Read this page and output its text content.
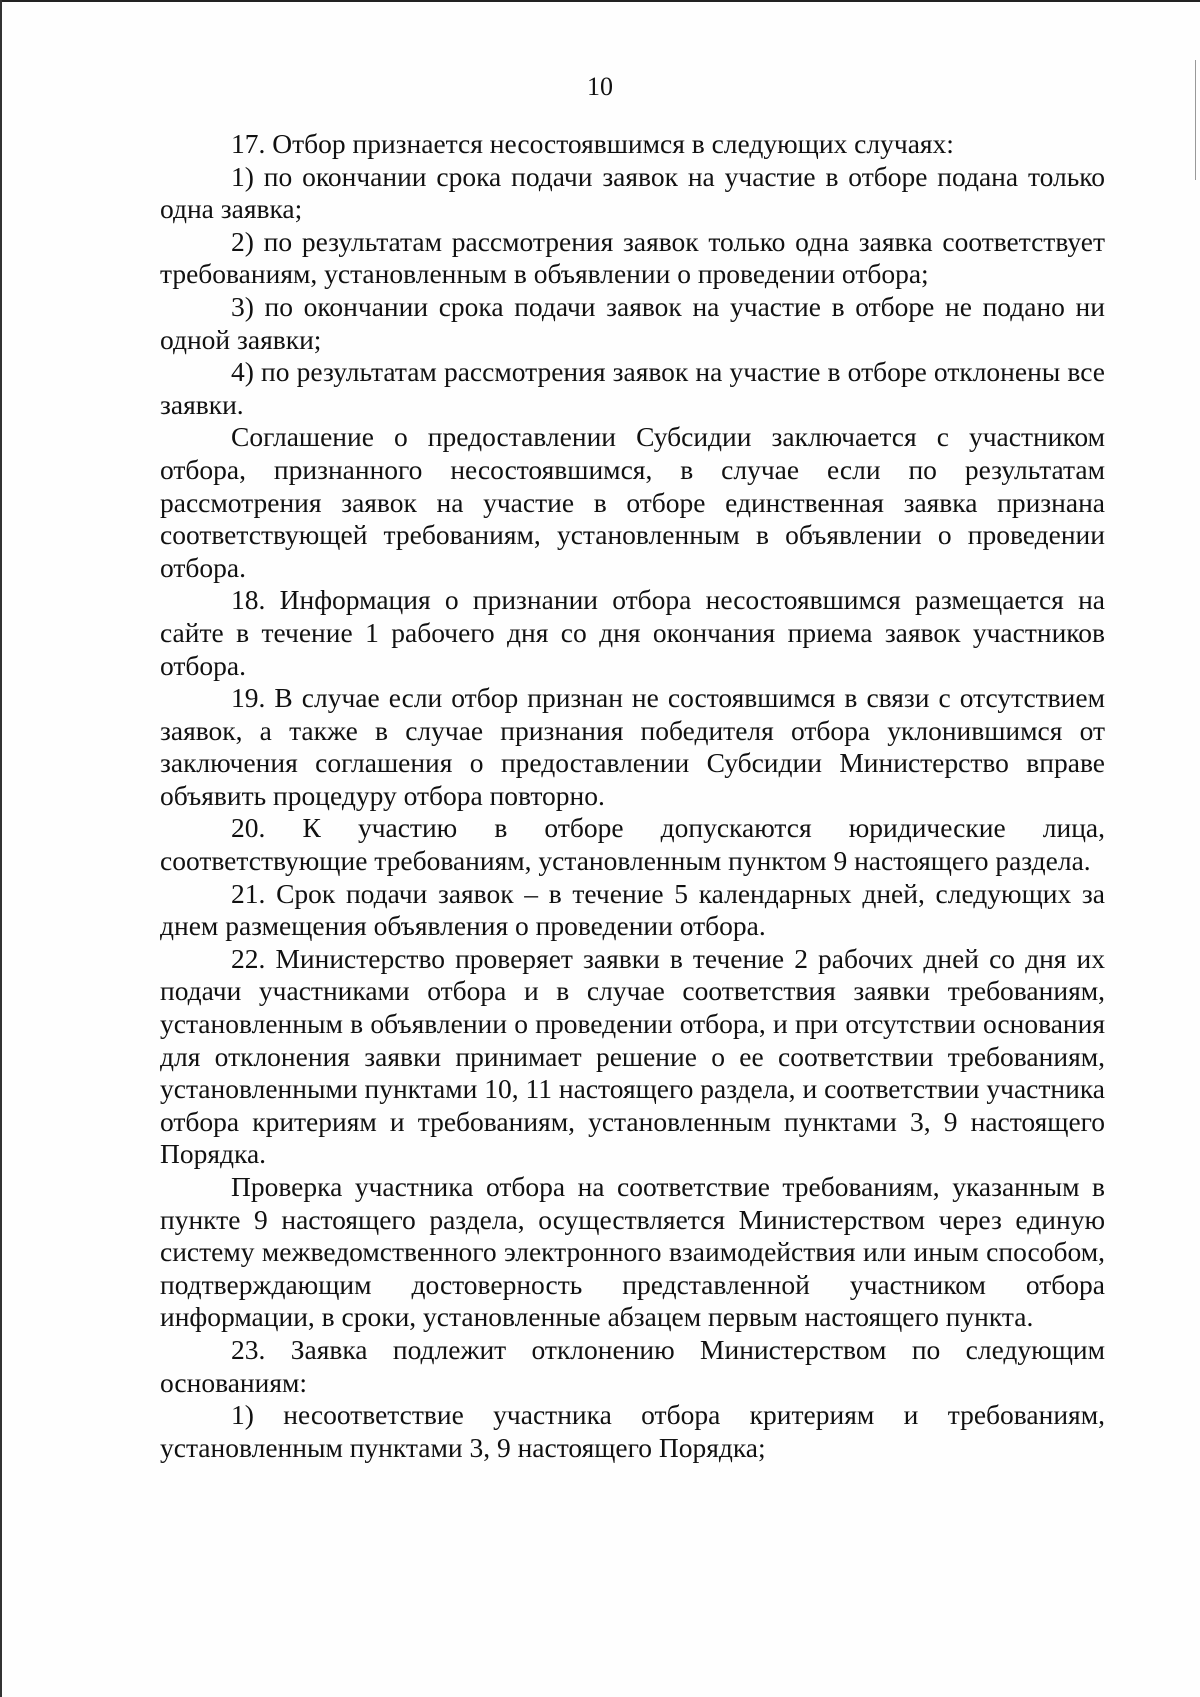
10

17. Отбор признается несостоявшимся в следующих случаях:

1) по окончании срока подачи заявок на участие в отборе подана только одна заявка;

2) по результатам рассмотрения заявок только одна заявка соответствует требованиям, установленным в объявлении о проведении отбора;

3) по окончании срока подачи заявок на участие в отборе не подано ни одной заявки;

4) по результатам рассмотрения заявок на участие в отборе отклонены все заявки.

Соглашение о предоставлении Субсидии заключается с участником отбора, признанного несостоявшимся, в случае если по результатам рассмотрения заявок на участие в отборе единственная заявка признана соответствующей требованиям, установленным в объявлении о проведении отбора.

18. Информация о признании отбора несостоявшимся размещается на сайте в течение 1 рабочего дня со дня окончания приема заявок участников отбора.

19. В случае если отбор признан не состоявшимся в связи с отсутствием заявок, а также в случае признания победителя отбора уклонившимся от заключения соглашения о предоставлении Субсидии Министерство вправе объявить процедуру отбора повторно.

20. К участию в отборе допускаются юридические лица, соответствующие требованиям, установленным пунктом 9 настоящего раздела.

21. Срок подачи заявок – в течение 5 календарных дней, следующих за днем размещения объявления о проведении отбора.

22. Министерство проверяет заявки в течение 2 рабочих дней со дня их подачи участниками отбора и в случае соответствия заявки требованиям, установленным в объявлении о проведении отбора, и при отсутствии основания для отклонения заявки принимает решение о ее соответствии требованиям, установленными пунктами 10, 11 настоящего раздела, и соответствии участника отбора критериям и требованиям, установленным пунктами 3, 9 настоящего Порядка.

Проверка участника отбора на соответствие требованиям, указанным в пункте 9 настоящего раздела, осуществляется Министерством через единую систему межведомственного электронного взаимодействия или иным способом, подтверждающим достоверность представленной участником отбора информации, в сроки, установленные абзацем первым настоящего пункта.

23. Заявка подлежит отклонению Министерством по следующим основаниям:

1) несоответствие участника отбора критериям и требованиям, установленным пунктами 3, 9 настоящего Порядка;
